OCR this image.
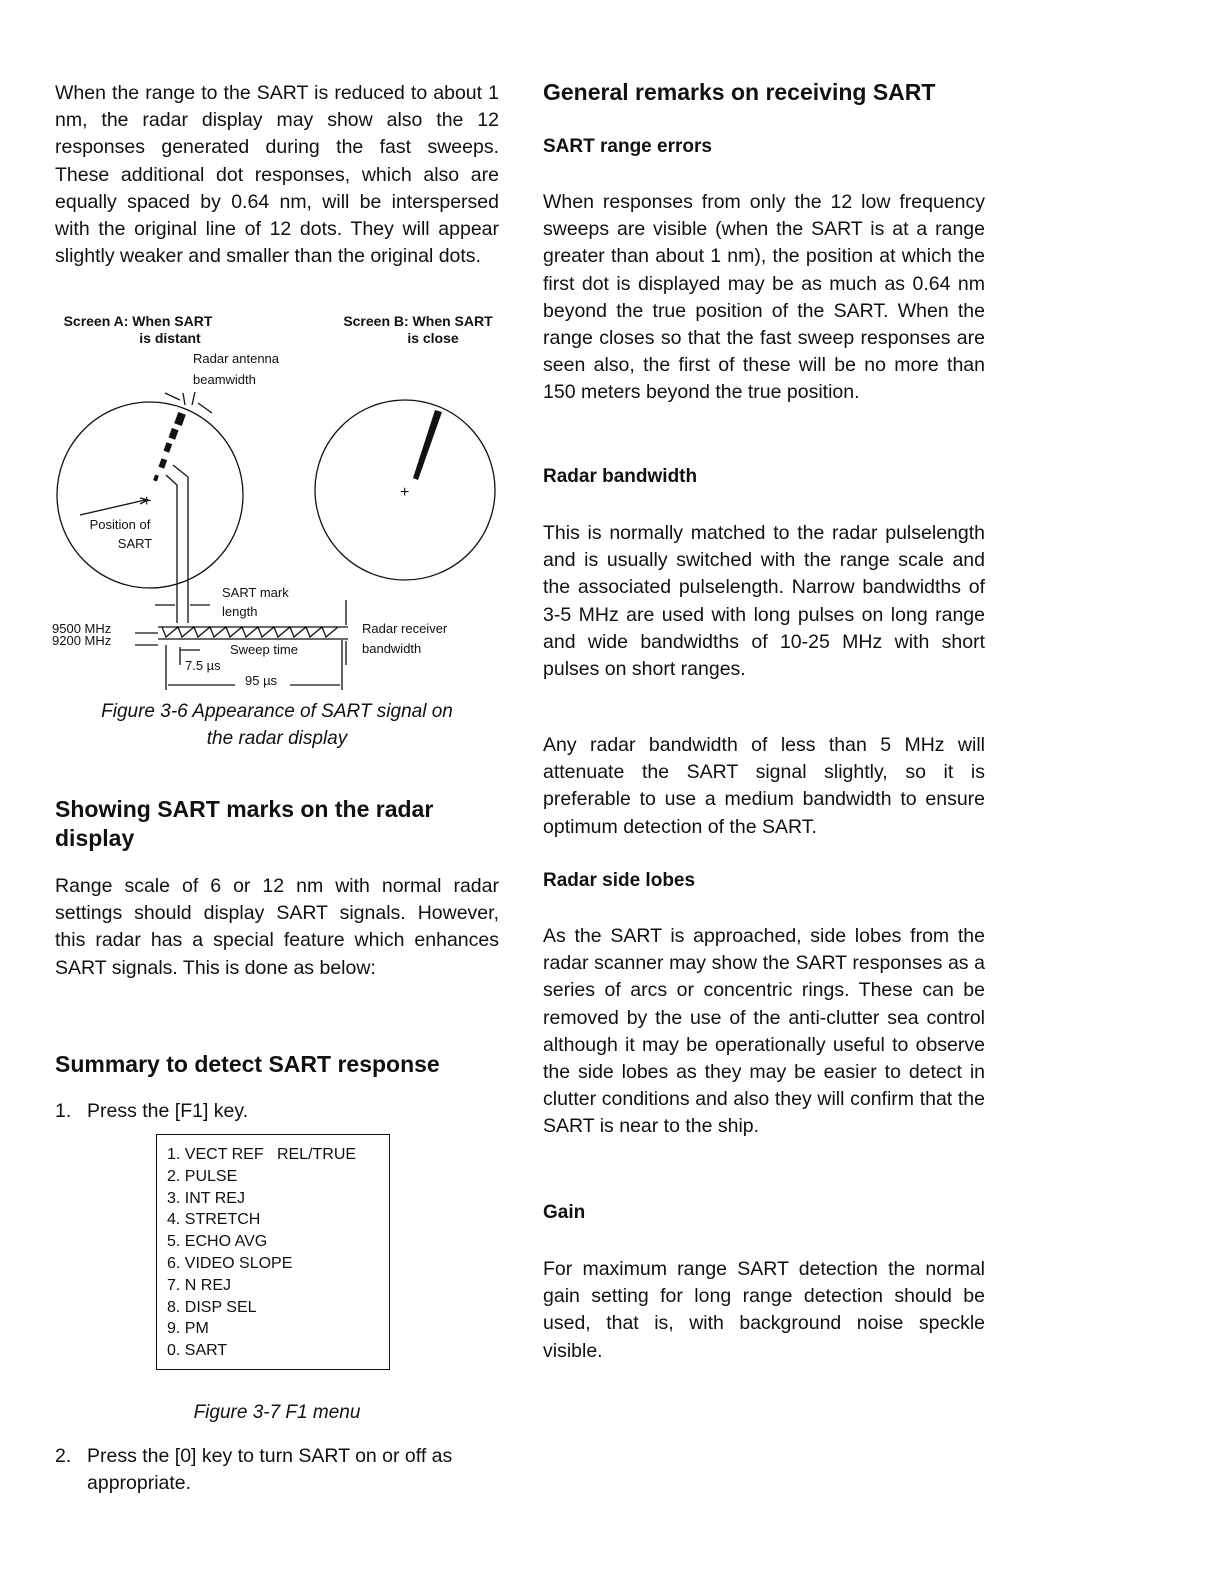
When the range to the SART is reduced to about 1 nm, the radar display may show also the 12 responses generated during the fast sweeps. These additional dot responses, which also are equally spaced by 0.64 nm, will be interspersed with the original line of 12 dots. They will appear slightly weaker and smaller than the original dots.

Screen A: When SART
is distant
Screen B: When SART
is close
Radar antenna
beamwidth
Position of
SART
SART mark
length
9500 MHz
9200 MHz
Sweep time
7.5 µs
95 µs
Radar receiver
bandwidth
+
+
Figure 3-6 Appearance of SART signal on
the radar display
Showing SART marks on the radar
display

Range scale of 6 or 12 nm with normal radar settings should display SART signals. However, this radar has a special feature which enhances SART signals. This is done as below:

Summary to detect SART response
1. Press the [F1] key.
1. VECT REF   REL/TRUE
2. PULSE
3. INT REJ
4. STRETCH
5. ECHO AVG
6. VIDEO SLOPE
7. N REJ
8. DISP SEL
9. PM
0. SART
Figure 3-7 F1 menu
2. Press the [0] key to turn SART on or off as appropriate.
General remarks on receiving SART
SART range errors

When responses from only the 12 low frequency sweeps are visible (when the SART is at a range greater than about 1 nm), the position at which the first dot is displayed may be as much as 0.64 nm beyond the true position of the SART. When the range closes so that the fast sweep responses are seen also, the first of these will be no more than 150 meters beyond the true position.

Radar bandwidth

This is normally matched to the radar pulselength and is usually switched with the range scale and the associated pulselength. Narrow bandwidths of 3-5 MHz are used with long pulses on long range and wide bandwidths of 10-25 MHz with short pulses on short ranges.

Any radar bandwidth of less than 5 MHz will attenuate the SART signal slightly, so it is preferable to use a medium bandwidth to ensure optimum detection of the SART.

Radar side lobes

As the SART is approached, side lobes from the radar scanner may show the SART responses as a series of arcs or concentric rings. These can be removed by the use of the anti-clutter sea control although it may be operationally useful to observe the side lobes as they may be easier to detect in clutter conditions and also they will confirm that the SART is near to the ship.

Gain

For maximum range SART detection the normal gain setting for long range detection should be used, that is, with background noise speckle visible.
